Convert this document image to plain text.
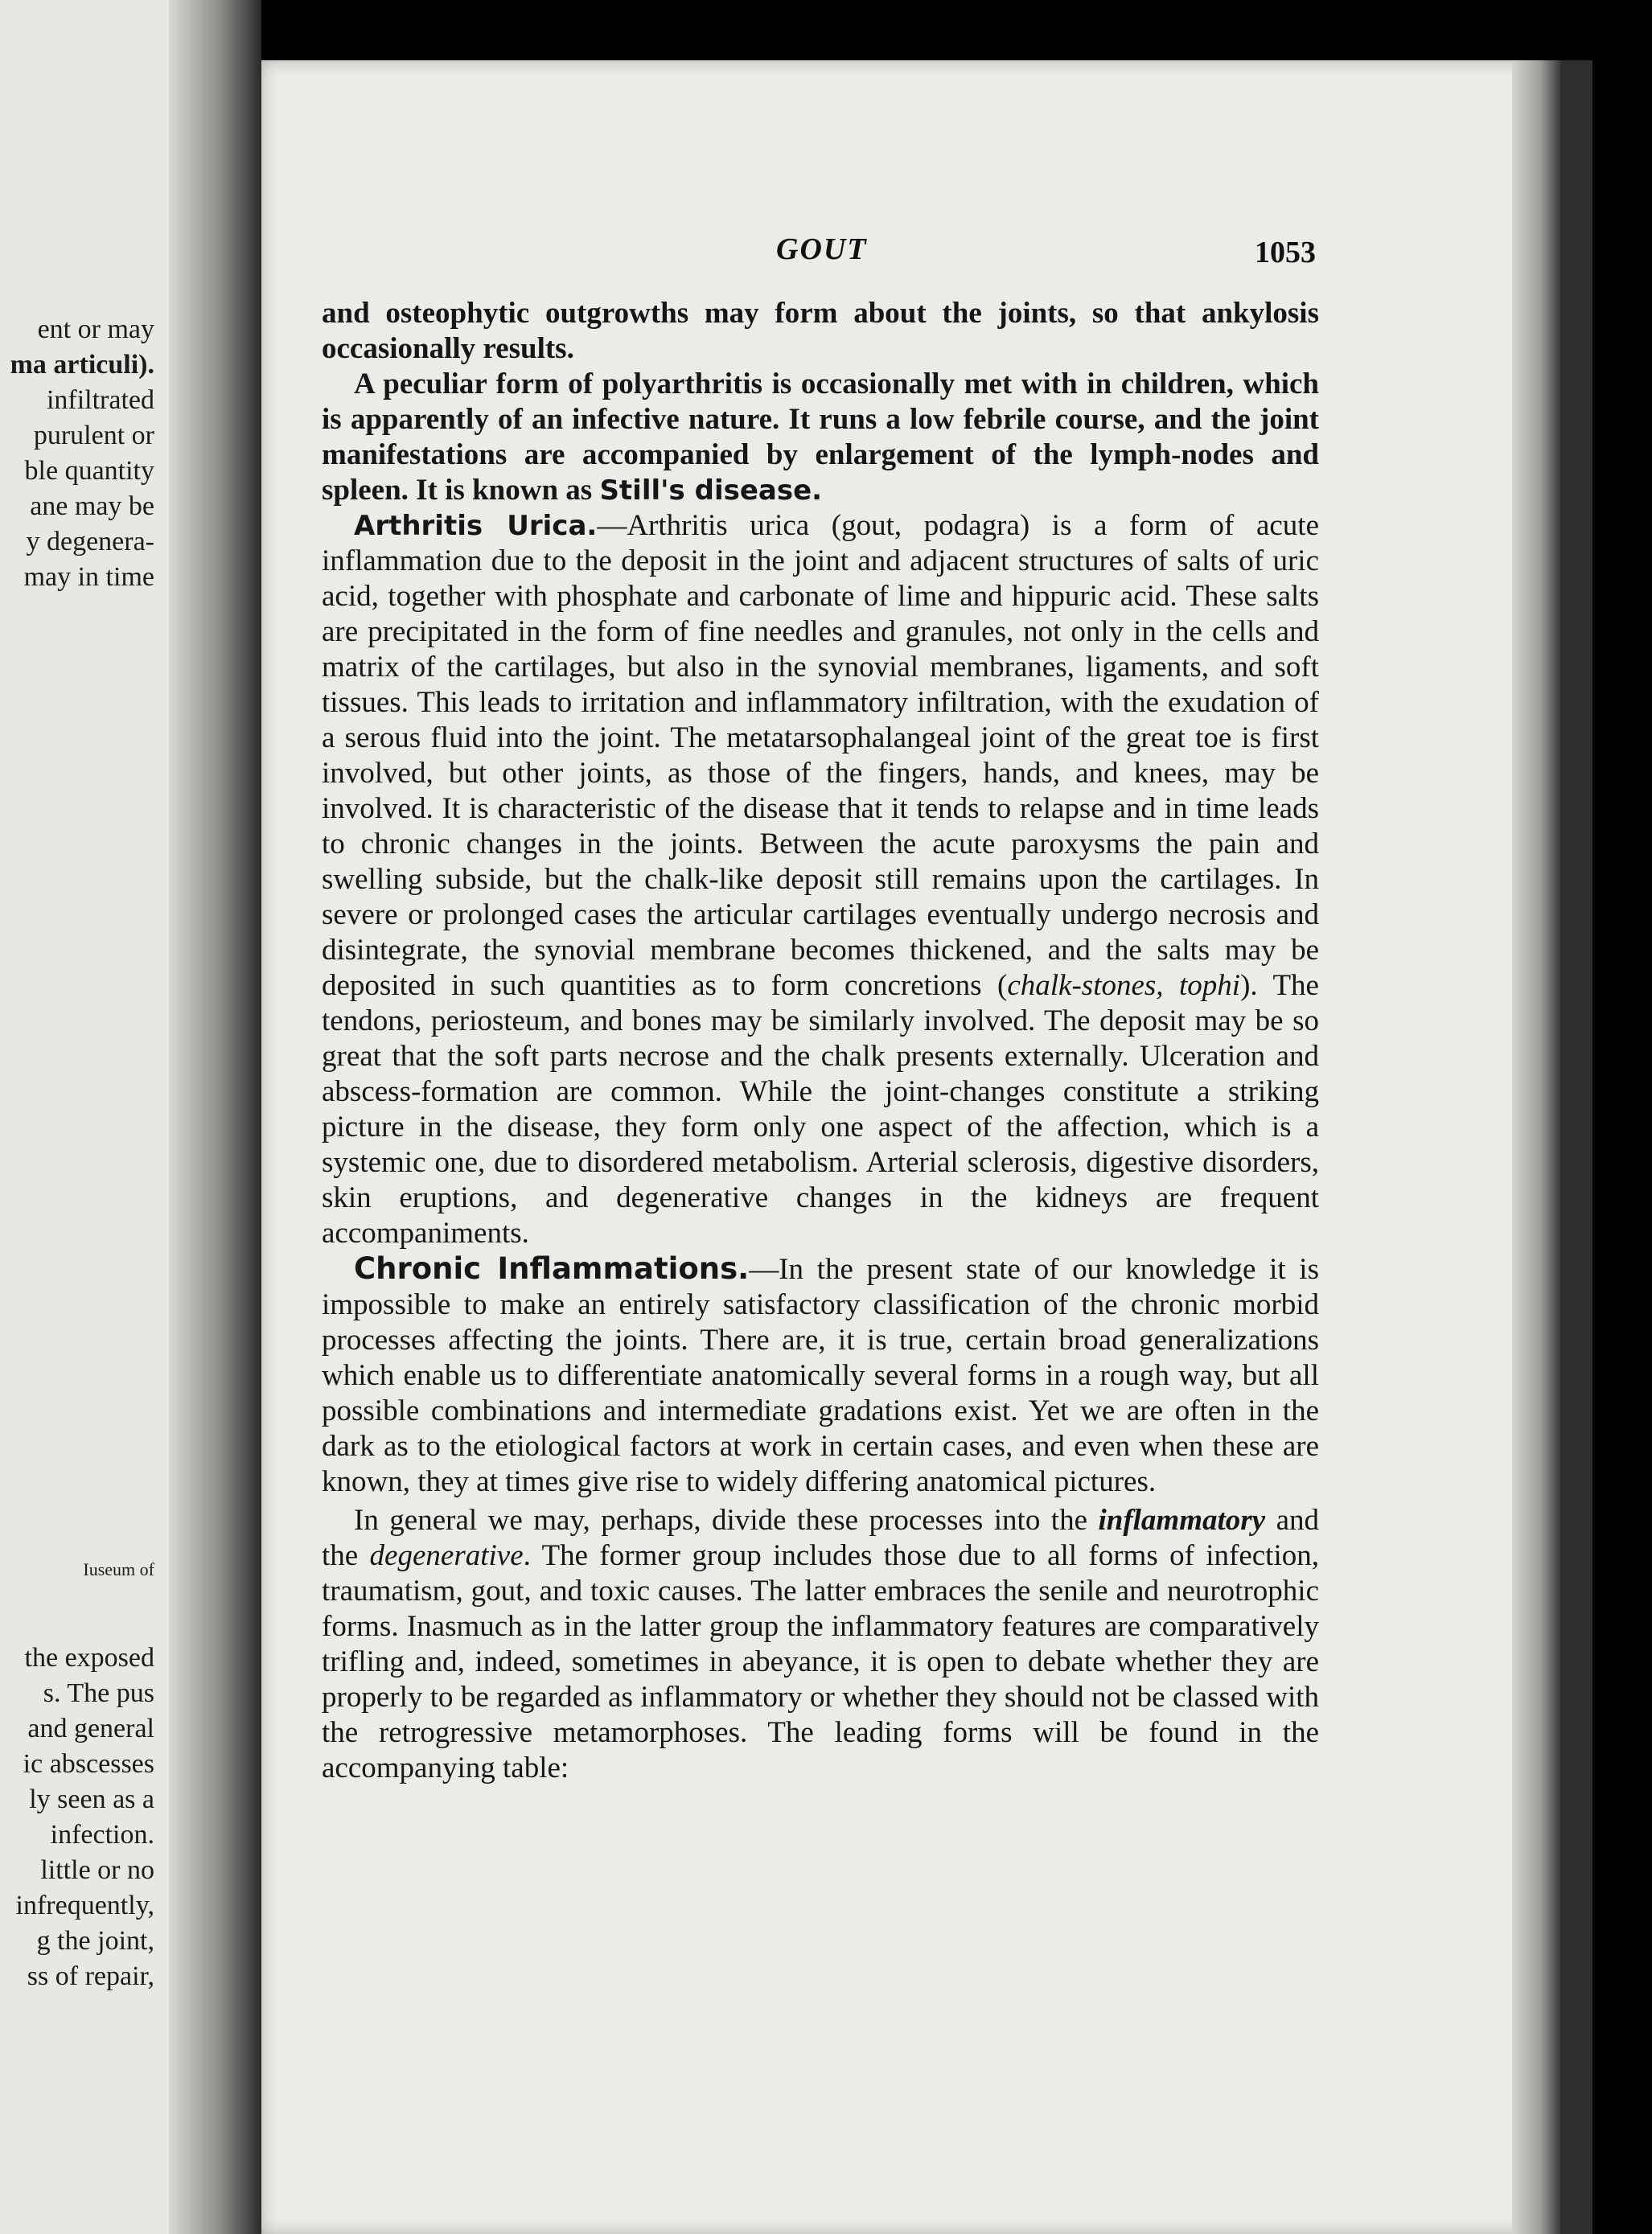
ent or may
ma articuli).
infiltrated
purulent or
ble quantity
ane may be
y degenera-
may in time
Iuseum of
the exposed
s. The pus
and general
ic abscesses
ly seen as a
infection.
little or no
infrequently,
g the joint,
ss of repair,
GOUT	1053

and osteophytic outgrowths may form about the joints, so that ankylosis occasionally results.

A peculiar form of polyarthritis is occasionally met with in children, which is apparently of an infective nature. It runs a low febrile course, and the joint manifestations are accompanied by enlargement of the lymph-nodes and spleen. It is known as Still's disease.

Arthritis Urica.—Arthritis urica (gout, podagra) is a form of acute inflammation due to the deposit in the joint and adjacent structures of salts of uric acid, together with phosphate and carbonate of lime and hippuric acid. These salts are precipitated in the form of fine needles and granules, not only in the cells and matrix of the cartilages, but also in the synovial membranes, ligaments, and soft tissues. This leads to irritation and inflammatory infiltration, with the exudation of a serous fluid into the joint. The metatarsophalangeal joint of the great toe is first involved, but other joints, as those of the fingers, hands, and knees, may be involved. It is characteristic of the disease that it tends to relapse and in time leads to chronic changes in the joints. Between the acute paroxysms the pain and swelling subside, but the chalk-like deposit still remains upon the cartilages. In severe or prolonged cases the articular cartilages eventually undergo necrosis and disintegrate, the synovial membrane becomes thickened, and the salts may be deposited in such quantities as to form concretions (chalk-stones, tophi). The tendons, periosteum, and bones may be similarly involved. The deposit may be so great that the soft parts necrose and the chalk presents externally. Ulceration and abscess-formation are common. While the joint-changes constitute a striking picture in the disease, they form only one aspect of the affection, which is a systemic one, due to disordered metabolism. Arterial sclerosis, digestive disorders, skin eruptions, and degenerative changes in the kidneys are frequent accompaniments.

Chronic Inflammations.—In the present state of our knowledge it is impossible to make an entirely satisfactory classification of the chronic morbid processes affecting the joints. There are, it is true, certain broad generalizations which enable us to differentiate anatomically several forms in a rough way, but all possible combinations and intermediate gradations exist. Yet we are often in the dark as to the etiological factors at work in certain cases, and even when these are known, they at times give rise to widely differing anatomical pictures.

In general we may, perhaps, divide these processes into the inflammatory and the degenerative. The former group includes those due to all forms of infection, traumatism, gout, and toxic causes. The latter embraces the senile and neurotrophic forms. Inasmuch as in the latter group the inflammatory features are comparatively trifling and, indeed, sometimes in abeyance, it is open to debate whether they are properly to be regarded as inflammatory or whether they should not be classed with the retrogressive metamorphoses. The leading forms will be found in the accompanying table:
